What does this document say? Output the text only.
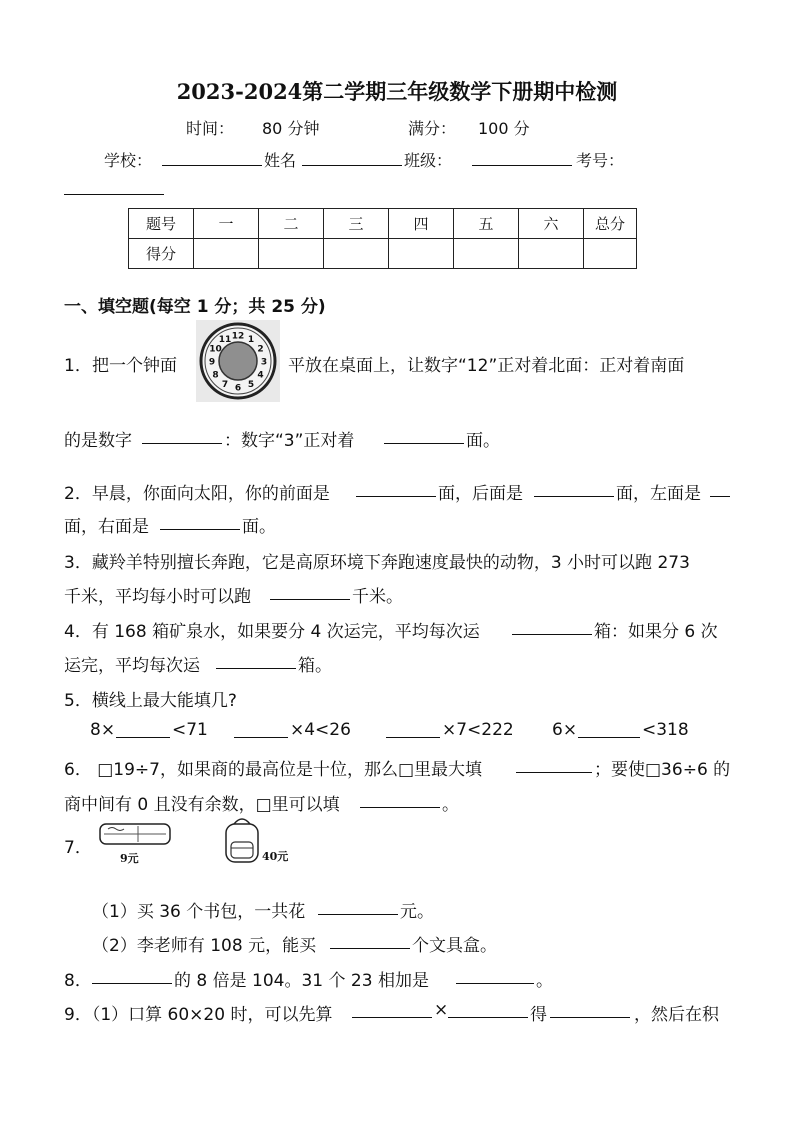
2023-2024第二学期三年级数学下册期中检测
时间： 80 分钟	满分： 100 分
学校：	姓名	班级：	考号：
题号	一	二	三	四	五	六	总分
得分							
一、填空题(每空 1 分；共 25 分)
1． 把一个钟面
12 1
2
3
4
5
6
7
8
9
10
11
平放在桌面上，让数字“12”正对着北面：正对着南面
的是数字	：数字“3”正对着	面。
2．早晨，你面向太阳，你的前面是	面，后面是	面，左面是
面，右面是	面。
3．藏羚羊特别擅长奔跑，它是高原环境下奔跑速度最快的动物，3 小时可以跑 273
千米，平均每小时可以跑	千米。
4．有 168 箱矿泉水，如果要分 4 次运完，平均每次运	箱：如果分 6 次
运完，平均每次运	箱。
5．横线上最大能填几?
8×	<71	×4<26	×7<222 6×	<318
6． □19÷7，如果商的最高位是十位，那么□里最大填	；要使□36÷6 的
商中间有 0 且没有余数，□里可以填	。
7．
9元	40元
（1）买 36 个书包，一共花	元。
（2）李老师有 108 元，能买	个文具盒。
8．	的 8 倍是 104。31 个 23 相加是	。
9．（1）口算 60×20 时，可以先算	×	得	，然后在积
